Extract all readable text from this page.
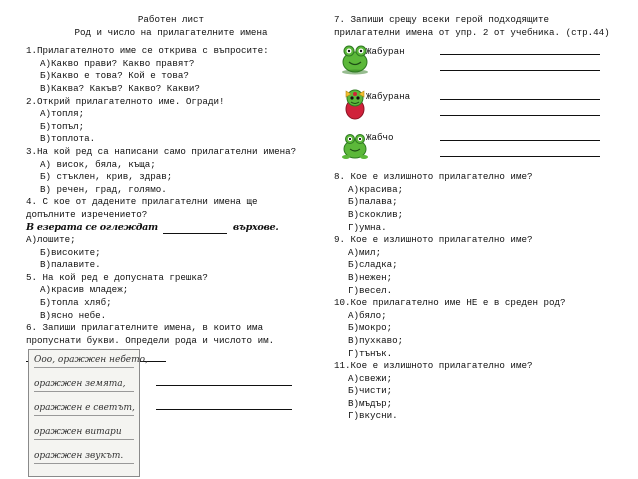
Работен лист
Род и число на прилагателните имена
1.Прилагателното име се открива с въпросите:
А)Какво прави? Какво правят?
Б)Какво е това? Кой е това?
В)Каква? Какъв? Какво? Какви?
2.Открий прилагателното име. Огради!
А)топля;
Б)топъл;
В)топлота.
3.На кой ред са написани само прилагателни имена?
А) висок, бяла, къща;
Б) стъклен, крив, здрав;
В) речен, град, голямо.
4. С кое от дадените прилагателни имена ще
допълните изречението?
В езерата се оглеждат	върхове.
А)лошите;
Б)високите;
В)палавите.
5. На кой ред е допусната грешка?
А)красив младеж;
Б)топла хляб;
В)ясно небе.
6. Запиши прилагателните имена, в които има
пропуснати букви. Определи рода и числото им.
Ооо, оражжен небето,
оражжен земята,
оражжен е светът,
оражжен витари
оражжен звукът.
7. Запиши срещу всеки герой подходящите
прилагателни имена от упр. 2 от учебника. (стр.44)
Жабуран
Жабурана
Жабчо
8. Кое е излишното прилагателно име?
А)красива;
Б)палава;
В)скоклив;
Г)умна.
9. Кое е излишното прилагателно име?
А)мил;
Б)сладка;
В)нежен;
Г)весел.
10.Кое прилагателно име НЕ е в среден род?
А)бяло;
Б)мокро;
В)пухкаво;
Г)тънък.
11.Кое е излишното прилагателно име?
А)свежи;
Б)чисти;
В)мъдър;
Г)вкусни.
